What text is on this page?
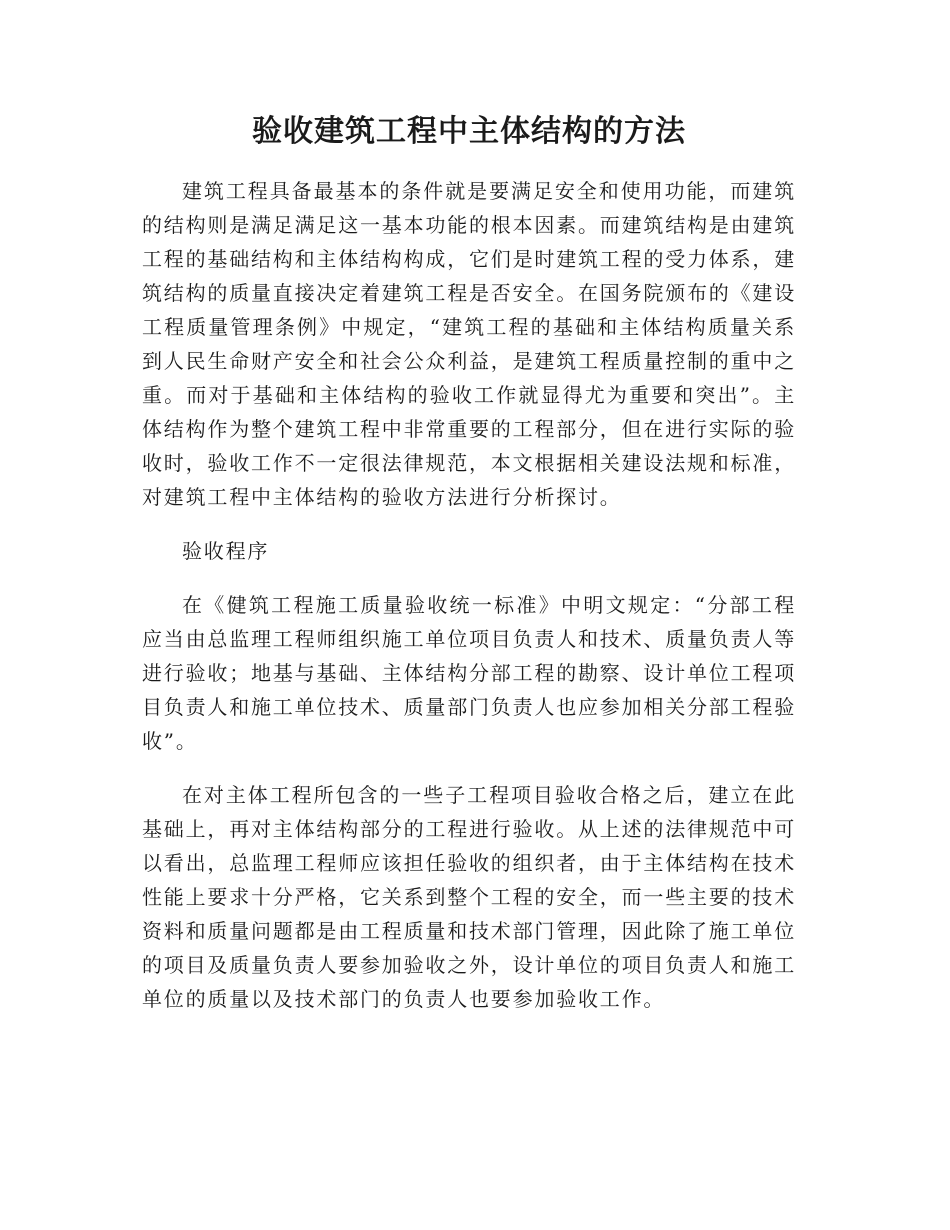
验收建筑工程中主体结构的方法

建筑工程具备最基本的条件就是要满足安全和使用功能，而建筑的结构则是满足满足这一基本功能的根本因素。而建筑结构是由建筑工程的基础结构和主体结构构成，它们是时建筑工程的受力体系，建筑结构的质量直接决定着建筑工程是否安全。在国务院颁布的《建设工程质量管理条例》中规定，“建筑工程的基础和主体结构质量关系到人民生命财产安全和社会公众利益，是建筑工程质量控制的重中之重。而对于基础和主体结构的验收工作就显得尤为重要和突出”。主体结构作为整个建筑工程中非常重要的工程部分，但在进行实际的验收时，验收工作不一定很法律规范，本文根据相关建设法规和标准，对建筑工程中主体结构的验收方法进行分析探讨。

验收程序

在《健筑工程施工质量验收统一标准》中明文规定：“分部工程应当由总监理工程师组织施工单位项目负责人和技术、质量负责人等进行验收；地基与基础、主体结构分部工程的勘察、设计单位工程项目负责人和施工单位技术、质量部门负责人也应参加相关分部工程验收”。

在对主体工程所包含的一些子工程项目验收合格之后，建立在此基础上，再对主体结构部分的工程进行验收。从上述的法律规范中可以看出，总监理工程师应该担任验收的组织者，由于主体结构在技术性能上要求十分严格，它关系到整个工程的安全，而一些主要的技术资料和质量问题都是由工程质量和技术部门管理，因此除了施工单位的项目及质量负责人要参加验收之外，设计单位的项目负责人和施工单位的质量以及技术部门的负责人也要参加验收工作。
